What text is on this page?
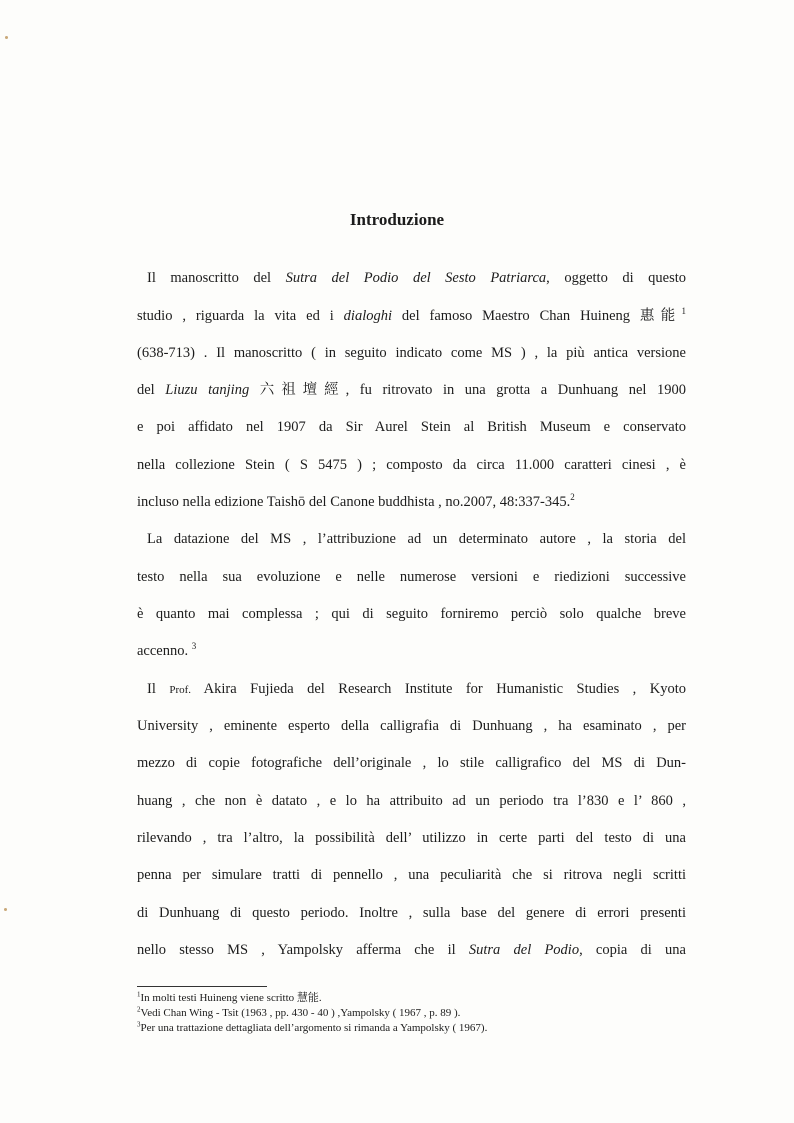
Introduzione
Il manoscritto del Sutra del Podio del Sesto Patriarca, oggetto di questo
studio , riguarda la vita ed i dialoghi del famoso Maestro Chan Huineng 惠能$^1$
(638-713) . Il manoscritto ( in seguito indicato come MS ) , la più antica versione
del Liuzu tanjing 六祖壇經, fu ritrovato in una grotta a Dunhuang nel 1900
e poi affidato nel 1907 da Sir Aurel Stein al British Museum e conservato
nella collezione Stein ( S 5475 ) ; composto da circa 11.000 caratteri cinesi , è
incluso nella edizione Taishō del Canone buddhista , no.2007, 48:337-345.$^2$
La datazione del MS , l’attribuzione ad un determinato autore , la storia del
testo nella sua evoluzione e nelle numerose versioni e riedizioni successive
è quanto mai complessa ; qui di seguito forniremo perciò solo qualche breve
accenno. $^3$
Il Prof. Akira Fujieda del Research Institute for Humanistic Studies , Kyoto
University , eminente esperto della calligrafia di Dunhuang , ha esaminato , per
mezzo di copie fotografiche dell’originale , lo stile calligrafico del MS di Dun-
huang , che non è datato , e lo ha attribuito ad un periodo tra l’830 e l’ 860 ,
rilevando , tra l’altro, la possibilità dell’ utilizzo in certe parti del testo di una
penna per simulare tratti di pennello , una peculiarità che si ritrova negli scritti
di Dunhuang di questo periodo. Inoltre , sulla base del genere di errori presenti
nello stesso MS , Yampolsky afferma che il Sutra del Podio, copia di una
$^1$In molti testi Huineng viene scritto 慧能.
$^2$Vedi Chan Wing - Tsit (1963 , pp. 430 - 40 ) ,Yampolsky ( 1967 , p. 89 ).
$^3$Per una trattazione dettagliata dell’argomento si rimanda a Yampolsky ( 1967).
